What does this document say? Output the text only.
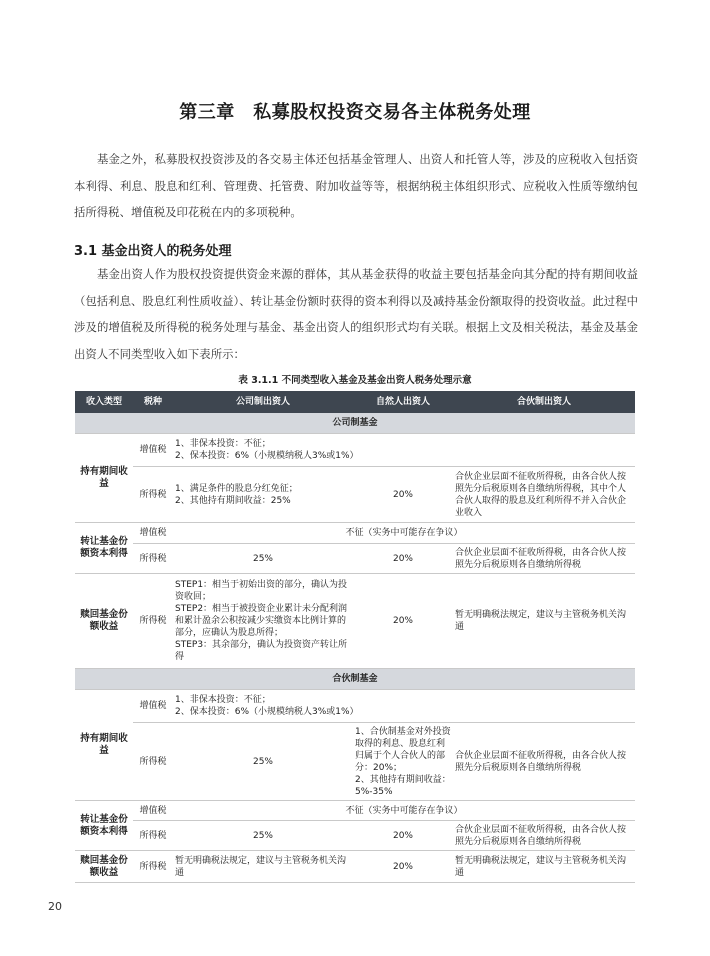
第三章　私募股权投资交易各主体税务处理

基金之外，私募股权投资涉及的各交易主体还包括基金管理人、出资人和托管人等，涉及的应税收入包括资本利得、利息、股息和红利、管理费、托管费、附加收益等等，根据纳税主体组织形式、应税收入性质等缴纳包括所得税、增值税及印花税在内的多项税种。

3.1 基金出资人的税务处理

基金出资人作为股权投资提供资金来源的群体，其从基金获得的收益主要包括基金向其分配的持有期间收益（包括利息、股息红利性质收益）、转让基金份额时获得的资本利得以及减持基金份额取得的投资收益。此过程中涉及的增值税及所得税的税务处理与基金、基金出资人的组织形式均有关联。根据上文及相关税法，基金及基金出资人不同类型收入如下表所示：

表 3.1.1 不同类型收入基金及基金出资人税务处理示意
收入类型	税种	公司制出资人	自然人出资人	合伙制出资人
公司制基金				
持有期间收益	增值税	1、非保本投资：不征；
2、保本投资：6%（小规模纳税人3%或1%）		
	所得税	1、满足条件的股息分红免征；
2、其他持有期间收益：25%	20%	合伙企业层面不征收所得税，由各合伙人按照先分后税原则各自缴纳所得税，其中个人合伙人取得的股息及红利所得不并入合伙企业收入
转让基金份额资本利得	增值税	不征（实务中可能存在争议）		
	所得税	25%	20%	合伙企业层面不征收所得税，由各合伙人按照先分后税原则各自缴纳所得税
赎回基金份额收益	所得税	STEP1：相当于初始出资的部分，确认为投资收回；
STEP2：相当于被投资企业累计未分配利润和累计盈余公积按减少实缴资本比例计算的部分，应确认为股息所得；
STEP3：其余部分，确认为投资资产转让所得	20%	暂无明确税法规定，建议与主管税务机关沟通
合伙制基金				
持有期间收益	增值税	1、非保本投资：不征；
2、保本投资：6%（小规模纳税人3%或1%）		
	所得税	25%	1、合伙制基金对外投资取得的利息、股息红利归属于个人合伙人的部分：20%；
2、其他持有期间收益：5%-35%	合伙企业层面不征收所得税，由各合伙人按照先分后税原则各自缴纳所得税
转让基金份额资本利得	增值税	不征（实务中可能存在争议）		
	所得税	25%	20%	合伙企业层面不征收所得税，由各合伙人按照先分后税原则各自缴纳所得税
赎回基金份额收益	所得税	暂无明确税法规定，建议与主管税务机关沟通	20%	暂无明确税法规定，建议与主管税务机关沟通
20
